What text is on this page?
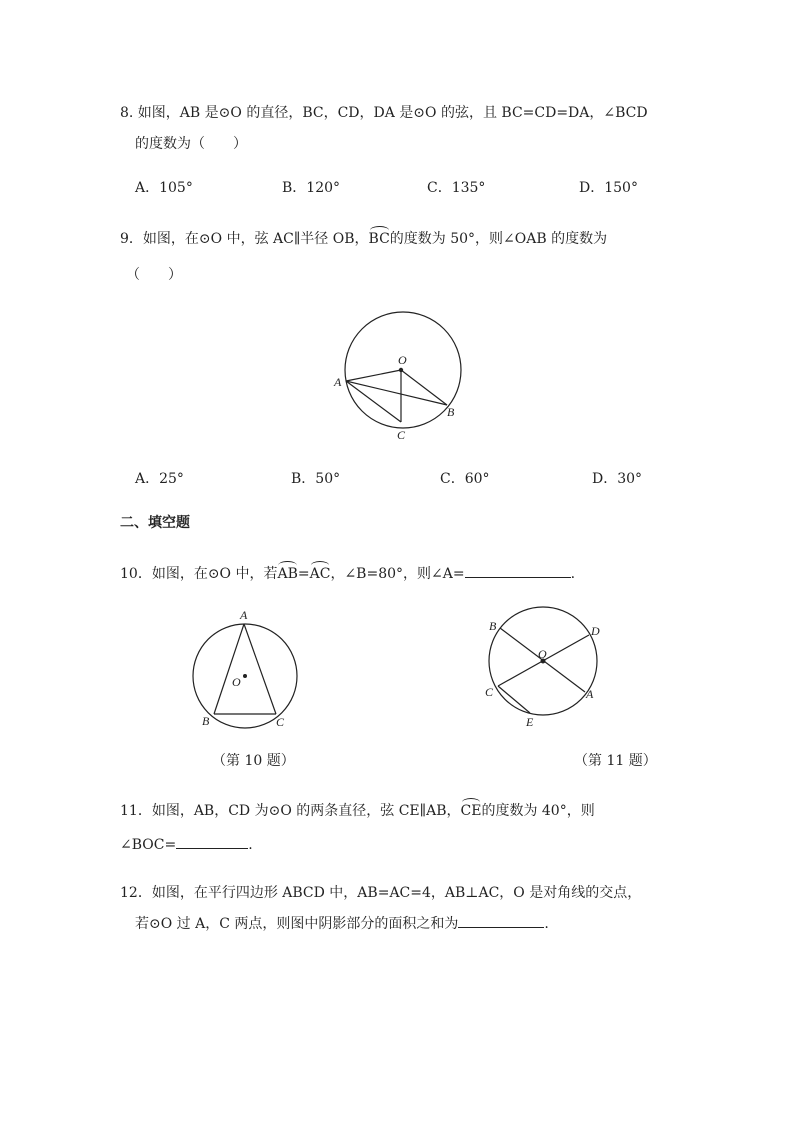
8. 如图，AB 是⊙O 的直径，BC，CD，DA 是⊙O 的弦，且 BC=CD=DA，∠BCD
的度数为（　　）
A．105°	B．120°	C．135°	D．150°
9．如图，在⊙O 中，弦 AC∥半径 OB，BC的度数为 50°，则∠OAB 的度数为
（　　）
O
A
B
C
A．25°	B．50°	C．60°	D．30°
二、填空题
10．如图，在⊙O 中，若AB=AC，∠B=80°，则∠A=	.
A
O
B	C
（第 10 题）
B	D
O
C	A
E
（第 11 题）
11．如图，AB，CD 为⊙O 的两条直径，弦 CE∥AB，CE的度数为 40°，则
∠BOC=	.
12．如图，在平行四边形 ABCD 中，AB=AC=4，AB⊥AC，O 是对角线的交点，
若⊙O 过 A，C 两点，则图中阴影部分的面积之和为	.
